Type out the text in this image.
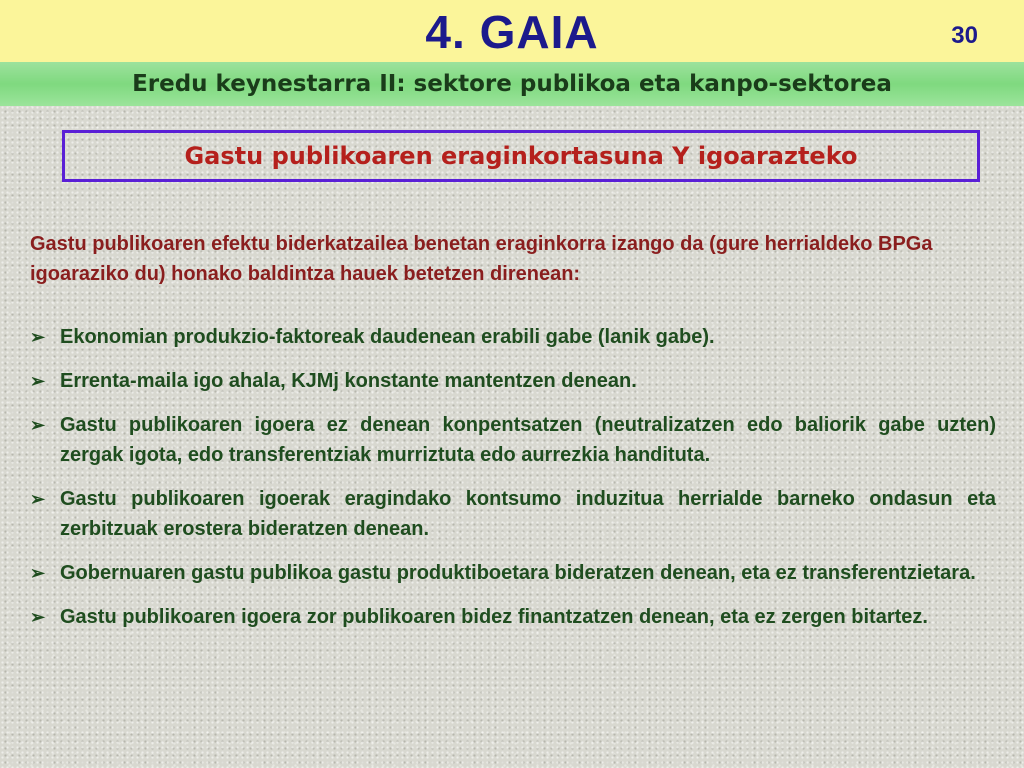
4. GAIA	30
Eredu keynestarra II: sektore publikoa eta kanpo-sektorea
Gastu publikoaren eraginkortasuna Y igoarazteko
Gastu publikoaren efektu biderkatzailea benetan eraginkorra izango da (gure herrialdeko BPGa igoaraziko du) honako baldintza hauek betetzen direnean:
➢ Ekonomian produkzio-faktoreak daudenean erabili gabe (lanik gabe).
➢ Errenta-maila igo ahala, KJMj konstante mantentzen denean.
➢ Gastu publikoaren igoera ez denean konpentsatzen (neutralizatzen edo baliorik gabe uzten) zergak igota, edo transferentziak murriztuta edo aurrezkia handituta.
➢ Gastu publikoaren igoerak eragindako kontsumo induzitua herrialde barneko ondasun eta zerbitzuak erostera bideratzen denean.
➢ Gobernuaren gastu publikoa gastu produktiboetara bideratzen denean, eta ez transferentzietara.
➢ Gastu publikoaren igoera zor publikoaren bidez finantzatzen denean, eta ez zergen bitartez.
